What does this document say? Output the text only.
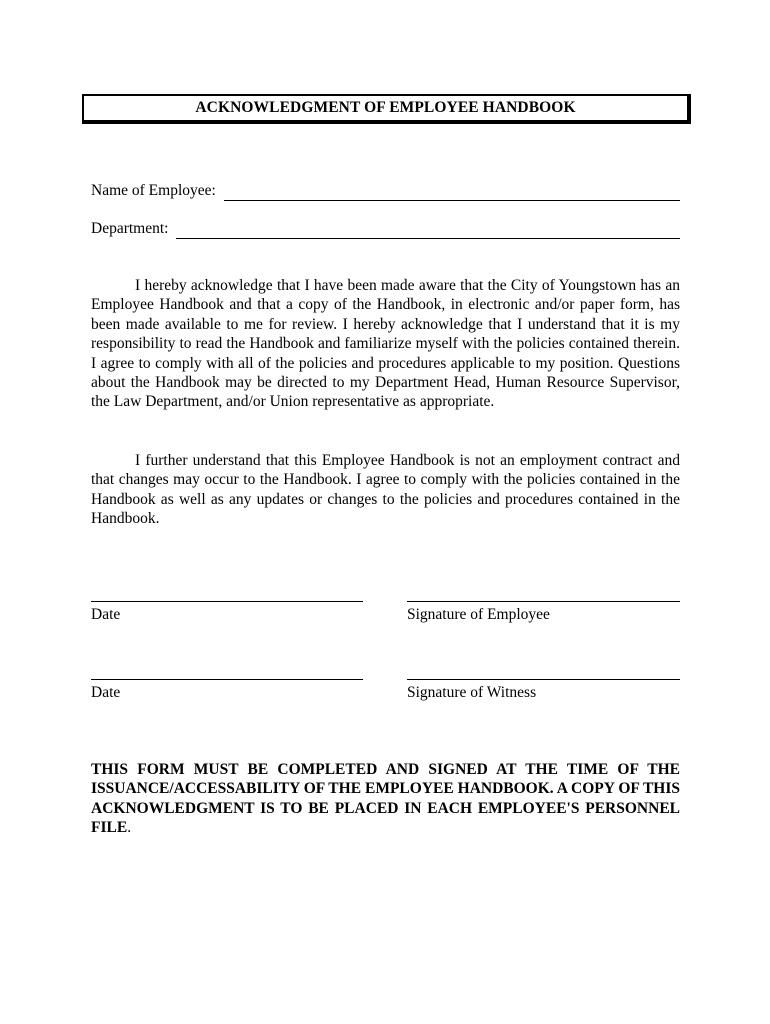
ACKNOWLEDGMENT OF EMPLOYEE HANDBOOK
Name of Employee:
Department:

I hereby acknowledge that I have been made aware that the City of Youngstown has an Employee Handbook and that a copy of the Handbook, in electronic and/or paper form, has been made available to me for review. I hereby acknowledge that I understand that it is my responsibility to read the Handbook and familiarize myself with the policies contained therein. I agree to comply with all of the policies and procedures applicable to my position. Questions about the Handbook may be directed to my Department Head, Human Resource Supervisor, the Law Department, and/or Union representative as appropriate.

I further understand that this Employee Handbook is not an employment contract and that changes may occur to the Handbook. I agree to comply with the policies contained in the Handbook as well as any updates or changes to the policies and procedures contained in the Handbook.

Date	Signature of Employee
Date	Signature of Witness

THIS FORM MUST BE COMPLETED AND SIGNED AT THE TIME OF THE ISSUANCE/ACCESSABILITY OF THE EMPLOYEE HANDBOOK. A COPY OF THIS ACKNOWLEDGMENT IS TO BE PLACED IN EACH EMPLOYEE'S PERSONNEL FILE.
